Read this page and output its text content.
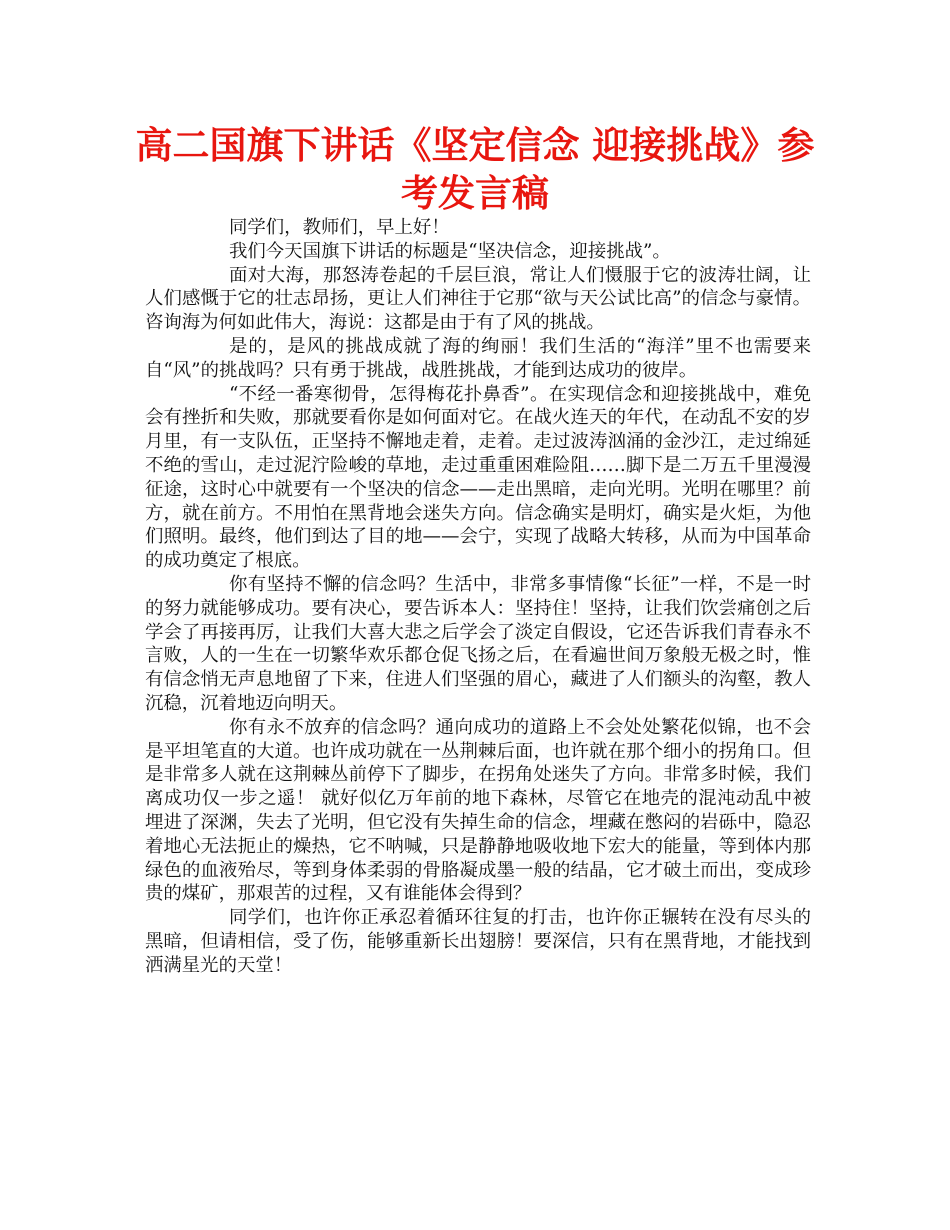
高二国旗下讲话《坚定信念 迎接挑战》参考发言稿

同学们，教师们，早上好！

我们今天国旗下讲话的标题是“坚决信念，迎接挑战”。

面对大海，那怒涛卷起的千层巨浪，常让人们慑服于它的波涛壮阔，让人们感慨于它的壮志昂扬，更让人们神往于它那“欲与天公试比高”的信念与豪情。咨询海为何如此伟大，海说：这都是由于有了风的挑战。

是的，是风的挑战成就了海的绚丽！我们生活的“海洋”里不也需要来自“风”的挑战吗？只有勇于挑战，战胜挑战，才能到达成功的彼岸。

“不经一番寒彻骨，怎得梅花扑鼻香”。在实现信念和迎接挑战中，难免会有挫折和失败，那就要看你是如何面对它。在战火连天的年代，在动乱不安的岁月里，有一支队伍，正坚持不懈地走着，走着。走过波涛汹涌的金沙江，走过绵延不绝的雪山，走过泥泞险峻的草地，走过重重困难险阻……脚下是二万五千里漫漫征途，这时心中就要有一个坚决的信念——走出黑暗，走向光明。光明在哪里？前方，就在前方。不用怕在黑背地会迷失方向。信念确实是明灯，确实是火炬，为他们照明。最终，他们到达了目的地——会宁，实现了战略大转移，从而为中国革命的成功奠定了根底。

你有坚持不懈的信念吗？生活中，非常多事情像“长征”一样，不是一时的努力就能够成功。要有决心，要告诉本人：坚持住！坚持，让我们饮尝痛创之后学会了再接再厉，让我们大喜大悲之后学会了淡定自假设，它还告诉我们青春永不言败，人的一生在一切繁华欢乐都仓促飞扬之后，在看遍世间万象般无极之时，惟有信念悄无声息地留了下来，住进人们坚强的眉心，藏进了人们额头的沟壑，教人沉稳，沉着地迈向明天。

你有永不放弃的信念吗？通向成功的道路上不会处处繁花似锦，也不会是平坦笔直的大道。也许成功就在一丛荆棘后面，也许就在那个细小的拐角口。但是非常多人就在这荆棘丛前停下了脚步，在拐角处迷失了方向。非常多时候，我们离成功仅一步之遥！ 就好似亿万年前的地下森林，尽管它在地壳的混沌动乱中被埋进了深渊，失去了光明，但它没有失掉生命的信念，埋藏在憋闷的岩砾中，隐忍着地心无法扼止的燥热，它不呐喊，只是静静地吸收地下宏大的能量，等到体内那绿色的血液殆尽，等到身体柔弱的骨胳凝成墨一般的结晶，它才破土而出，变成珍贵的煤矿，那艰苦的过程，又有谁能体会得到？

同学们，也许你正承忍着循环往复的打击，也许你正辗转在没有尽头的黑暗，但请相信，受了伤，能够重新长出翅膀！要深信，只有在黑背地，才能找到洒满星光的天堂！
